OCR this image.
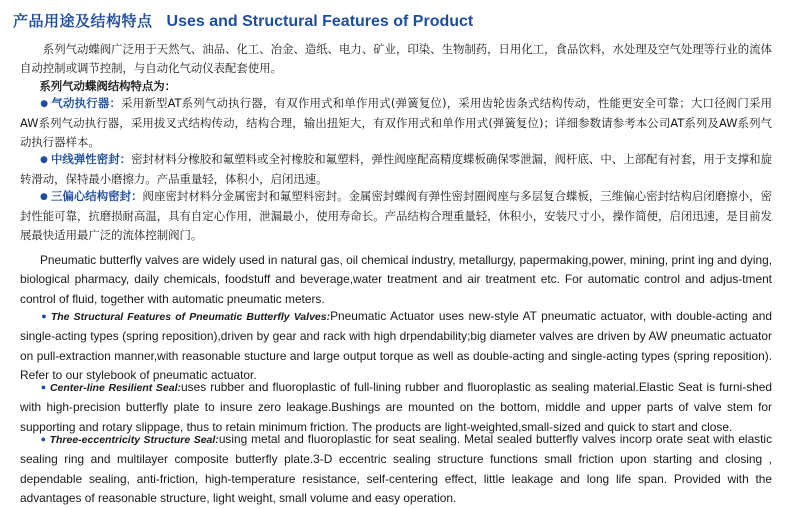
产品用途及结构特点 Uses and Structural Features of Product
系列气动蝶阀广泛用于天然气、油品、化工、冶金、造纸、电力、矿业，印染、生物制药，日用化工，食品饮料，水处理及空气处理等行业的流体自动控制或调节控制，与自动化气动仪表配套使用。
系列气动蝶阀结构特点为：
● 气动执行器：采用新型AT系列气动执行器，有双作用式和单作用式(弹簧复位)，采用齿轮齿条式结构传动，性能更安全可靠；大口径阀门采用AW系列气动执行器，采用拔叉式结构传动，结构合理，输出扭矩大，有双作用式和单作用式(弹簧复位)；详细参数请参考本公司AT系列及AW系列气动执行器样本。
● 中线弹性密封：密封材料分橡胶和氟塑料或全衬橡胶和氟塑料，弹性阀座配高精度蝶板确保零泄漏，阀杆底、中、上部配有衬套，用于支撑和旋转滑动，保特最小磨擦力。产品重量轻，体积小，启闭迅速。
● 三偏心结构密封：阀座密封材料分金属密封和氟塑料密封。金属密封蝶阀有弹性密封圈阀座与多层复合蝶板，三维偏心密封结构启闭磨擦小，密封性能可靠，抗磨损耐高温，具有自定心作用，泄漏最小，使用寿命长。产品结构合理重量轻，休积小，安装尺寸小，操作简便，启闭迅速，是目前发展最快适用最广泛的流体控制阀门。
Pneumatic butterfly valves are widely used in natural gas, oil chemical industry, metallurgy, papermaking,power, mining, print ing and dying, biological pharmacy, daily chemicals, foodstuff and beverage,water treatment and air treatment etc. For automatic control and adjus-tment control of fluid, together with automatic pneumatic meters.
● The Structural Features of Pneumatic Butterfly Valves:Pneumatic Actuator uses new-style AT pneumatic actuator, with double-acting and single-acting types (spring reposition),driven by gear and rack with high drpendability;big diameter valves are driven by AW pneumatic actuator on pull-extraction manner,with reasonable stucture and large output torque as well as double-acting and single-acting types (spring reposition). Refer to our stylebook of pneumatic actuator.
● Center-line Resilient Seal:uses rubber and fluoroplastic of full-lining rubber and fluoroplastic as sealing material.Elastic Seat is furni-shed with high-precision butterfly plate to insure zero leakage.Bushings are mounted on the bottom, middle and upper parts of valve stem for supporting and rotary slippage, thus to retain minimum friction. The products are light-weighted,small-sized and quick to start and close.
● Three-eccentricity Structure Seal:using metal and fluoroplastic for seat sealing. Metal sealed butterfly valves incorp orate seat with elastic sealing ring and multilayer composite butterfly plate.3-D eccentric sealing structure functions small friction upon starting and closing , dependable sealing, anti-friction, high-temperature resistance, self-centering effect, little leakage and long life span. Provided with the advantages of reasonable structure, light weight, small volume and easy operation.
